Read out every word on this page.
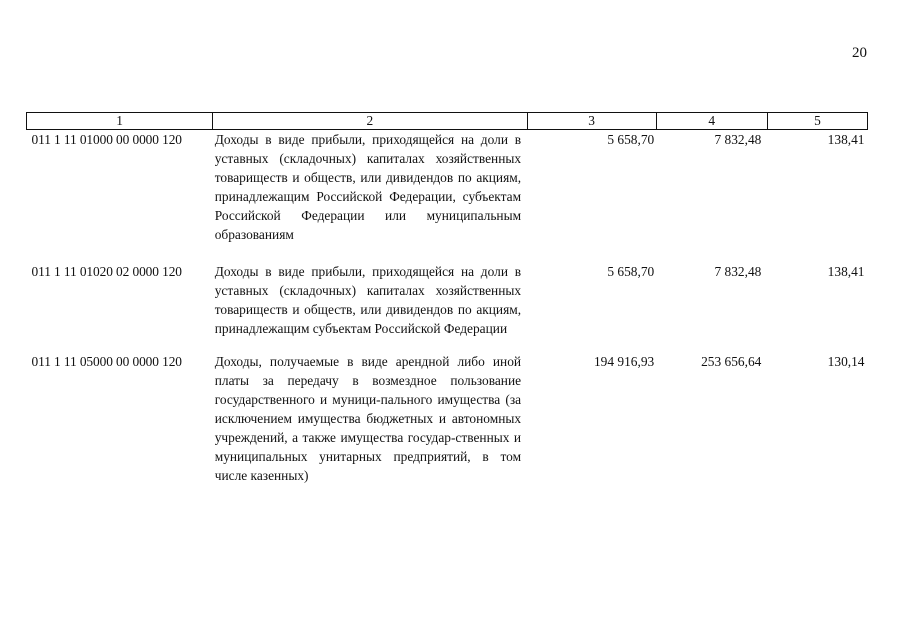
20
1	2	3	4	5
011 1 11 01000 00 0000 120	Доходы в виде прибыли, приходящейся на доли в уставных (складочных) капиталах хозяйственных товариществ и обществ, или дивидендов по акциям, принадлежащим Российской Федерации, субъектам Российской Федерации или муниципальным образованиям	5 658,70	7 832,48	138,41
011 1 11 01020 02 0000 120	Доходы в виде прибыли, приходящейся на доли в уставных (складочных) капиталах хозяйственных товариществ и обществ, или дивидендов по акциям, принадлежащим субъектам Российской Федерации	5 658,70	7 832,48	138,41
011 1 11 05000 00 0000 120	Доходы, получаемые в виде арендной либо иной платы за передачу в возмездное пользование государственного и муници-пального имущества (за исключением имущества бюджетных и автономных учреждений, а также имущества государ-ственных и муниципальных унитарных предприятий, в том числе казенных)	194 916,93	253 656,64	130,14
